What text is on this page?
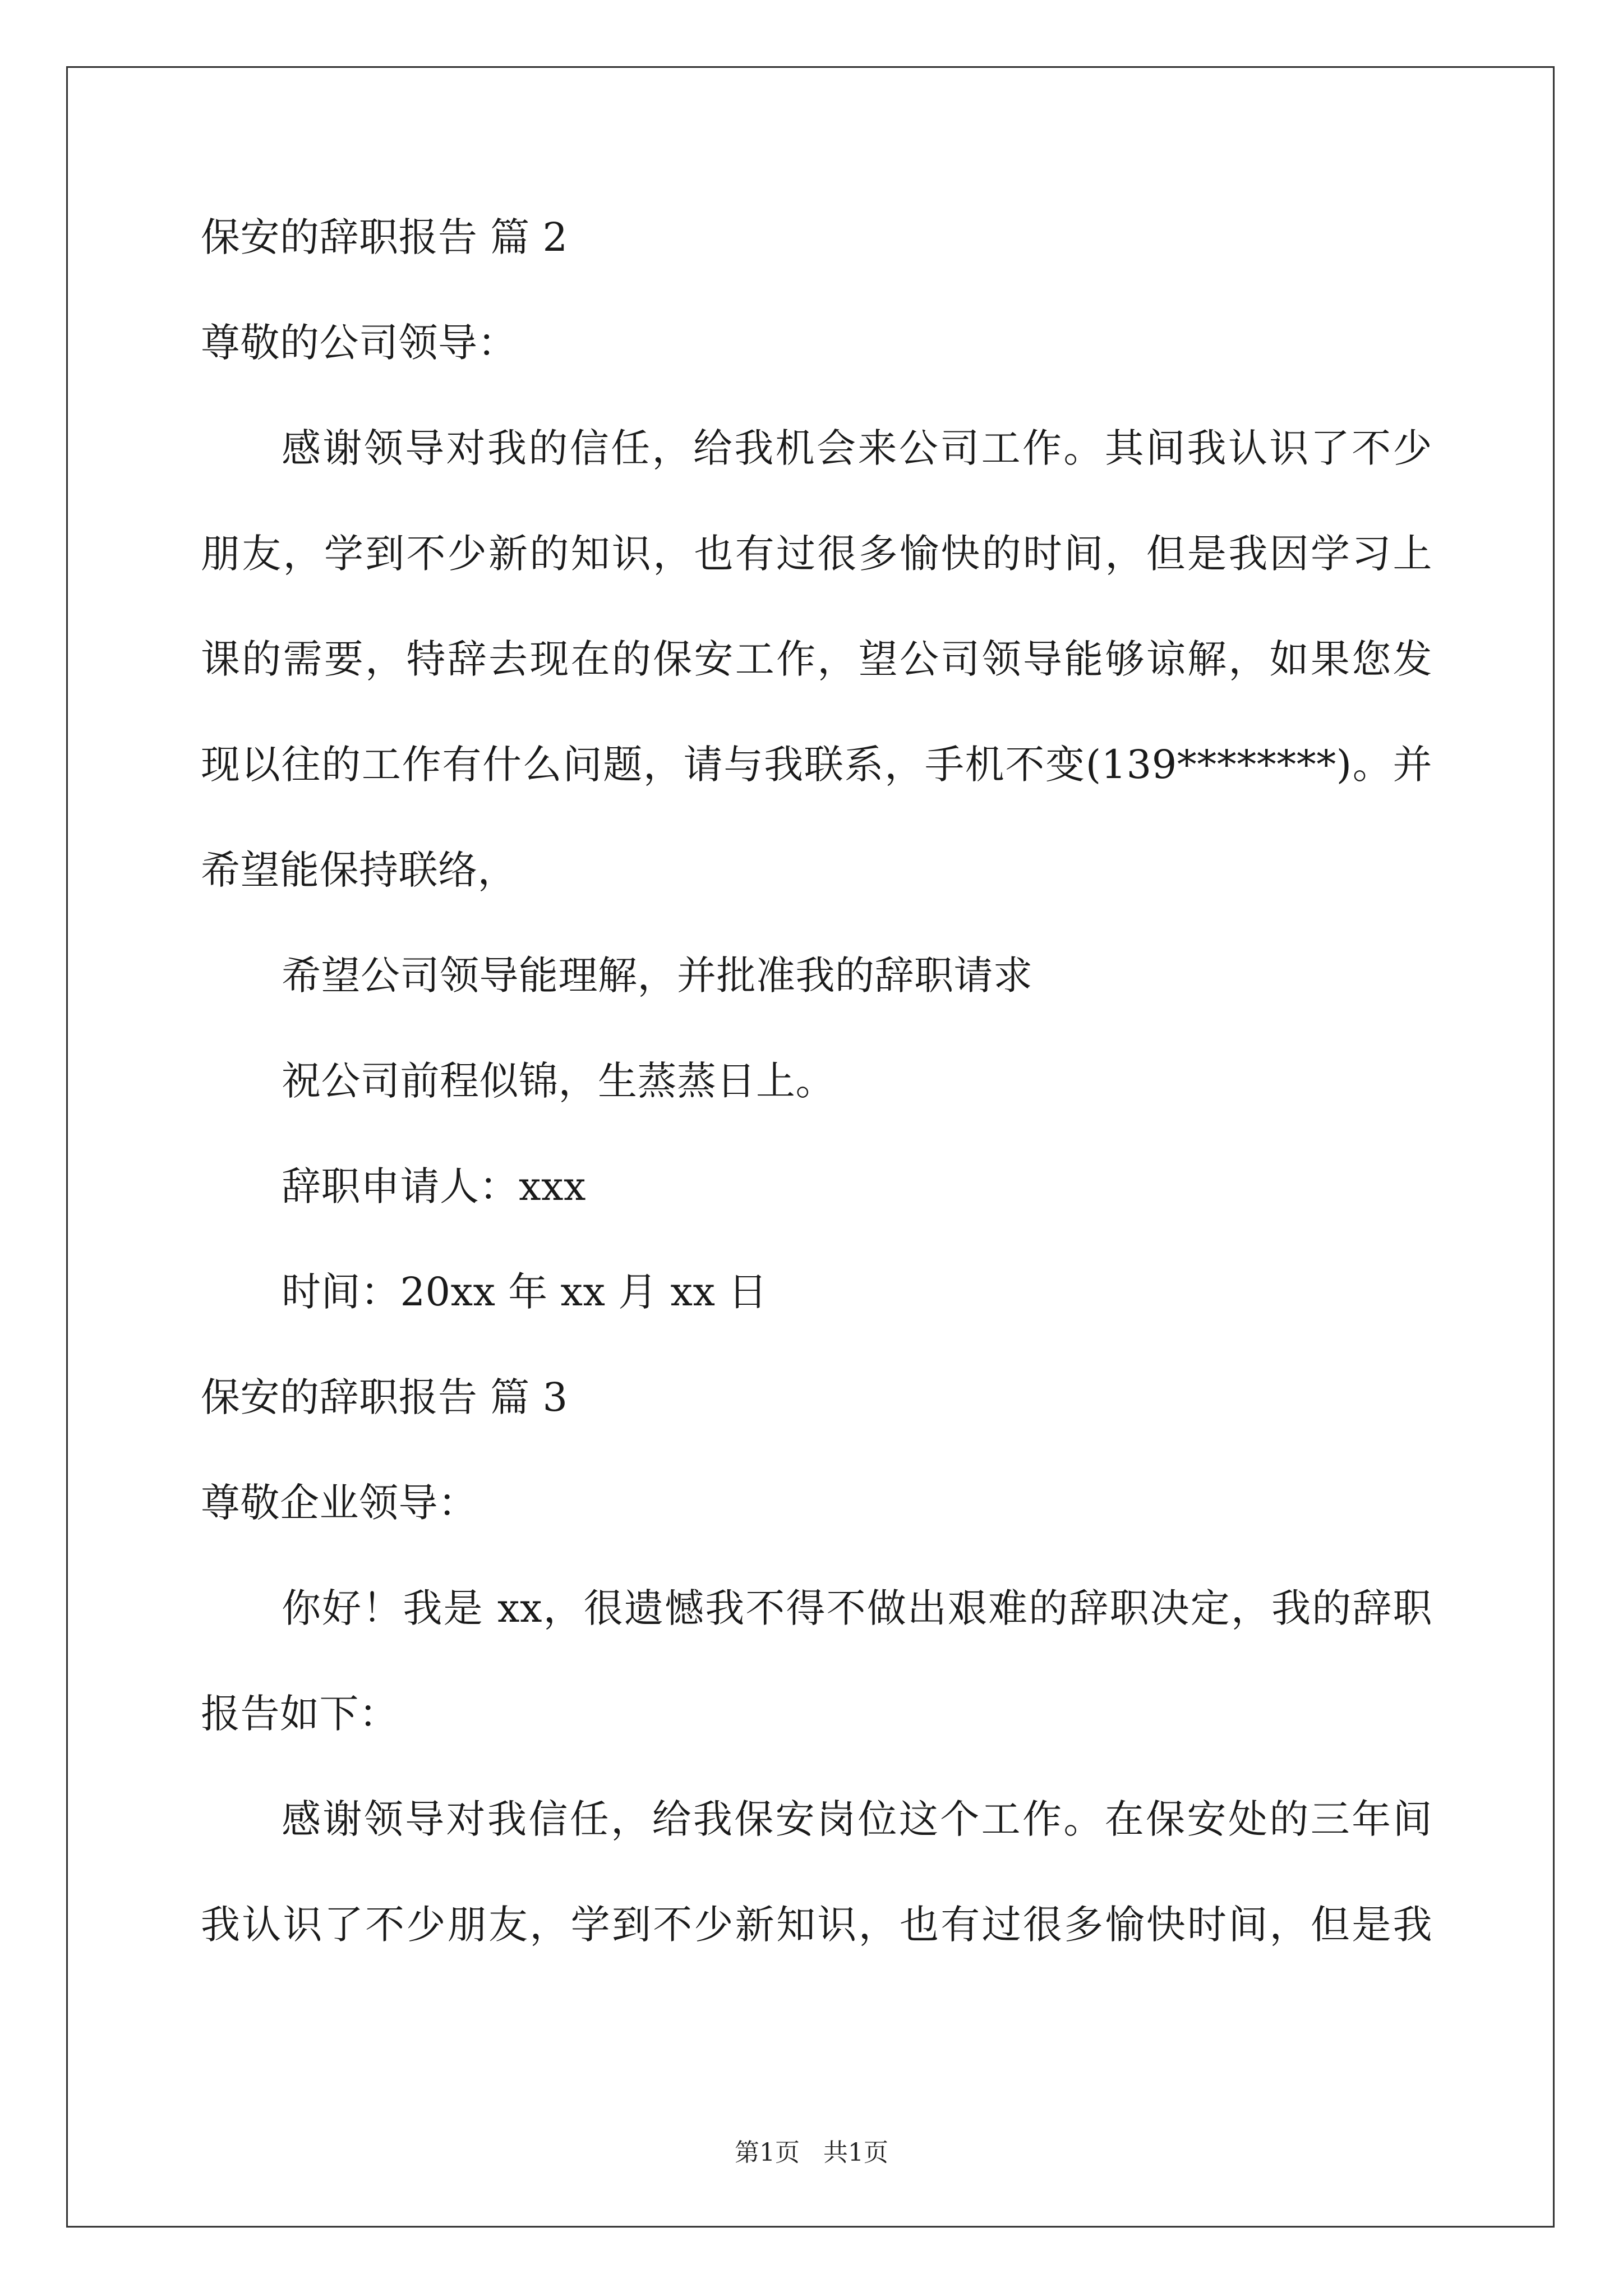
保安的辞职报告 篇 2
尊敬的公司领导：
感谢领导对我的信任，给我机会来公司工作。其间我认识了不少
朋友，学到不少新的知识，也有过很多愉快的时间，但是我因学习上
课的需要，特辞去现在的保安工作，望公司领导能够谅解，如果您发
现以往的工作有什么问题，请与我联系，手机不变(139********)。并
希望能保持联络，
希望公司领导能理解，并批准我的辞职请求
祝公司前程似锦，生蒸蒸日上。
辞职申请人：xxx
时间：20xx 年 xx 月 xx 日
保安的辞职报告 篇 3
尊敬企业领导：
你好！我是 xx，很遗憾我不得不做出艰难的辞职决定，我的辞职
报告如下：
感谢领导对我信任，给我保安岗位这个工作。在保安处的三年间
我认识了不少朋友，学到不少新知识，也有过很多愉快时间，但是我
第1页   共1页
